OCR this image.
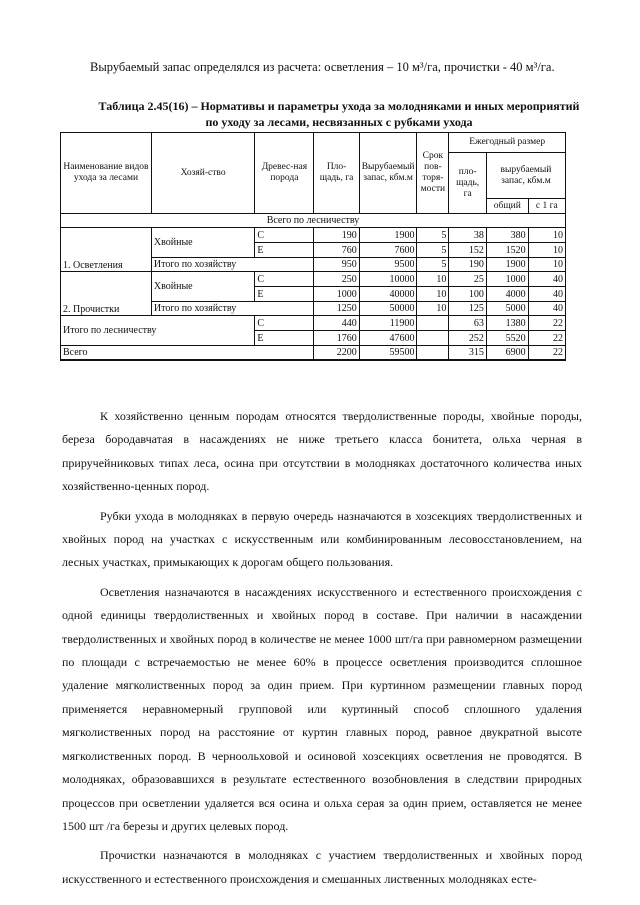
Вырубаемый запас определялся из расчета: осветления – 10 м³/га, прочистки - 40 м³/га.
Таблица 2.45(16) – Нормативы и параметры ухода за молодняками и иных мероприятий по уходу за лесами, несвязанных с рубками ухода
Наименование видов ухода за лесами	Хозяй-ство	Древес-ная порода	Пло-щадь, га	Вырубаемый запас, кбм.м	Срок пов-торя-мости	Ежегодный размер		
						пло-щадь, га	вырубаемый запас, кбм.м	
							общий	с 1 га
Всего по лесничеству								
1. Осветления	Хвойные	С	190	1900	5	38	380	10
		Е	760	7600	5	152	1520	10
	Итого по хозяйству		950	9500	5	190	1900	10
2. Прочистки	Хвойные	С	250	10000	10	25	1000	40
		Е	1000	40000	10	100	4000	40
	Итого по хозяйству		1250	50000	10	125	5000	40
Итого по лесничеству		С	440	11900		63	1380	22
		Е	1760	47600		252	5520	22
Всего			2200	59500		315	6900	22

К хозяйственно ценным породам относятся твердолиственные породы, хвойные породы, береза бородавчатая в насаждениях не ниже третьего класса бонитета, ольха черная в приручейниковых типах леса, осина при отсутствии в молодняках достаточного количества иных хозяйственно-ценных пород.

Рубки ухода в молодняках в первую очередь назначаются в хозсекциях твердолиственных и хвойных пород на участках с искусственным или комбинированным лесовосстановлением, на лесных участках, примыкающих к дорогам общего пользования.

Осветления назначаются в насаждениях искусственного и естественного происхождения с одной единицы твердолиственных и хвойных пород в составе. При наличии в насаждении твердолиственных и хвойных пород в количестве не менее 1000 шт/га при равномерном размещении по площади с встречаемостью не менее 60% в процессе осветления производится сплошное удаление мягколиственных пород за один прием. При куртинном размещении главных пород применяется неравномерный групповой или куртинный способ сплошного удаления мягколиственных пород на расстояние от куртин главных пород, равное двукратной высоте мягколиственных пород. В черноольховой и осиновой хозсекциях осветления не проводятся. В молодняках, образовавшихся в результате естественного возобновления в следствии природных процессов при осветлении удаляется вся осина и ольха серая за один прием, оставляется не менее 1500 шт /га березы и других целевых пород.

Прочистки назначаются в молодняках с участием твердолиственных и хвойных пород искусственного и естественного происхождения и смешанных лиственных молодняках есте-
